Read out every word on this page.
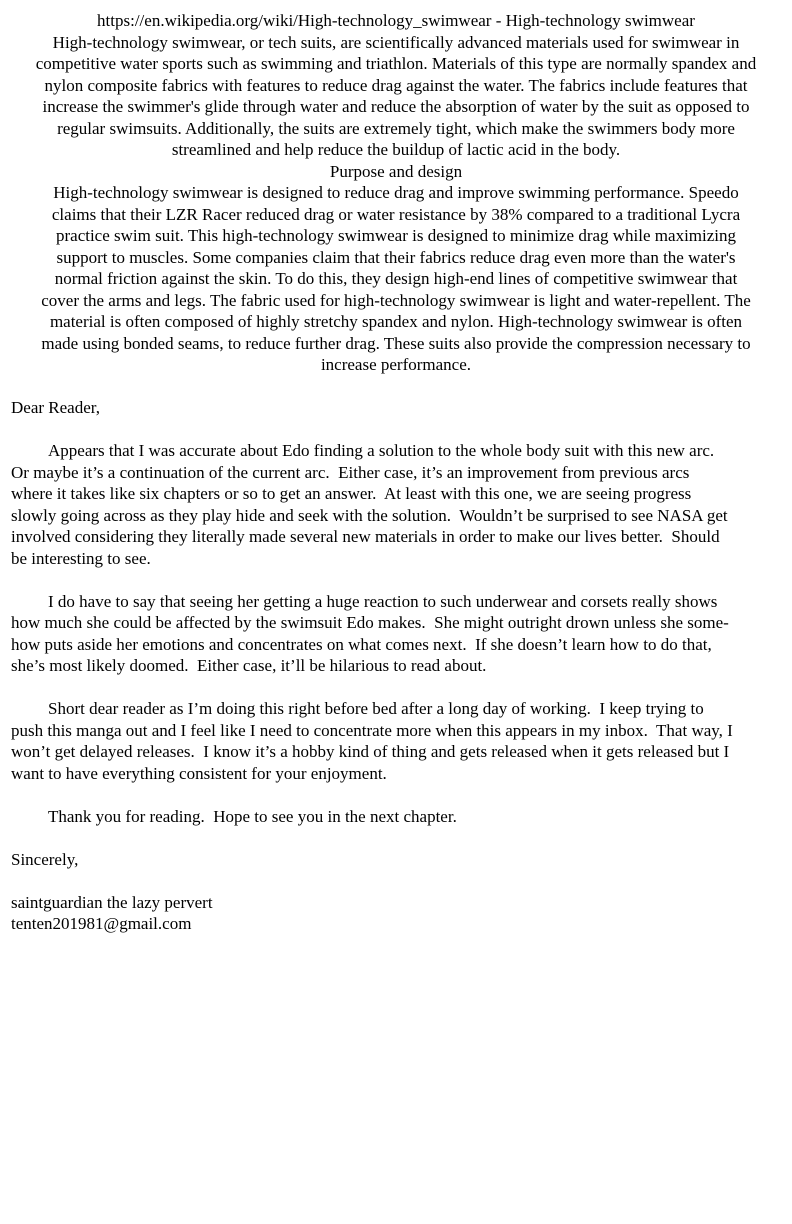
https://en.wikipedia.org/wiki/High-technology_swimwear - High-technology swimwear
High-technology swimwear, or tech suits, are scientifically advanced materials used for swimwear in
competitive water sports such as swimming and triathlon. Materials of this type are normally spandex and
nylon composite fabrics with features to reduce drag against the water. The fabrics include features that
increase the swimmer's glide through water and reduce the absorption of water by the suit as opposed to
regular swimsuits. Additionally, the suits are extremely tight, which make the swimmers body more
streamlined and help reduce the buildup of lactic acid in the body.
Purpose and design
High-technology swimwear is designed to reduce drag and improve swimming performance. Speedo
claims that their LZR Racer reduced drag or water resistance by 38% compared to a traditional Lycra
practice swim suit. This high-technology swimwear is designed to minimize drag while maximizing
support to muscles. Some companies claim that their fabrics reduce drag even more than the water's
normal friction against the skin. To do this, they design high-end lines of competitive swimwear that
cover the arms and legs. The fabric used for high-technology swimwear is light and water-repellent. The
material is often composed of highly stretchy spandex and nylon. High-technology swimwear is often
made using bonded seams, to reduce further drag. These suits also provide the compression necessary to
increase performance.
Dear Reader,
Appears that I was accurate about Edo finding a solution to the whole body suit with this new arc.
Or maybe it’s a continuation of the current arc.  Either case, it’s an improvement from previous arcs
where it takes like six chapters or so to get an answer.  At least with this one, we are seeing progress
slowly going across as they play hide and seek with the solution.  Wouldn’t be surprised to see NASA get
involved considering they literally made several new materials in order to make our lives better.  Should
be interesting to see.
I do have to say that seeing her getting a huge reaction to such underwear and corsets really shows
how much she could be affected by the swimsuit Edo makes.  She might outright drown unless she some-
how puts aside her emotions and concentrates on what comes next.  If she doesn’t learn how to do that,
she’s most likely doomed.  Either case, it’ll be hilarious to read about.
Short dear reader as I’m doing this right before bed after a long day of working.  I keep trying to
push this manga out and I feel like I need to concentrate more when this appears in my inbox.  That way, I
won’t get delayed releases.  I know it’s a hobby kind of thing and gets released when it gets released but I
want to have everything consistent for your enjoyment.
Thank you for reading.  Hope to see you in the next chapter.
Sincerely,
saintguardian the lazy pervert
tenten201981@gmail.com
